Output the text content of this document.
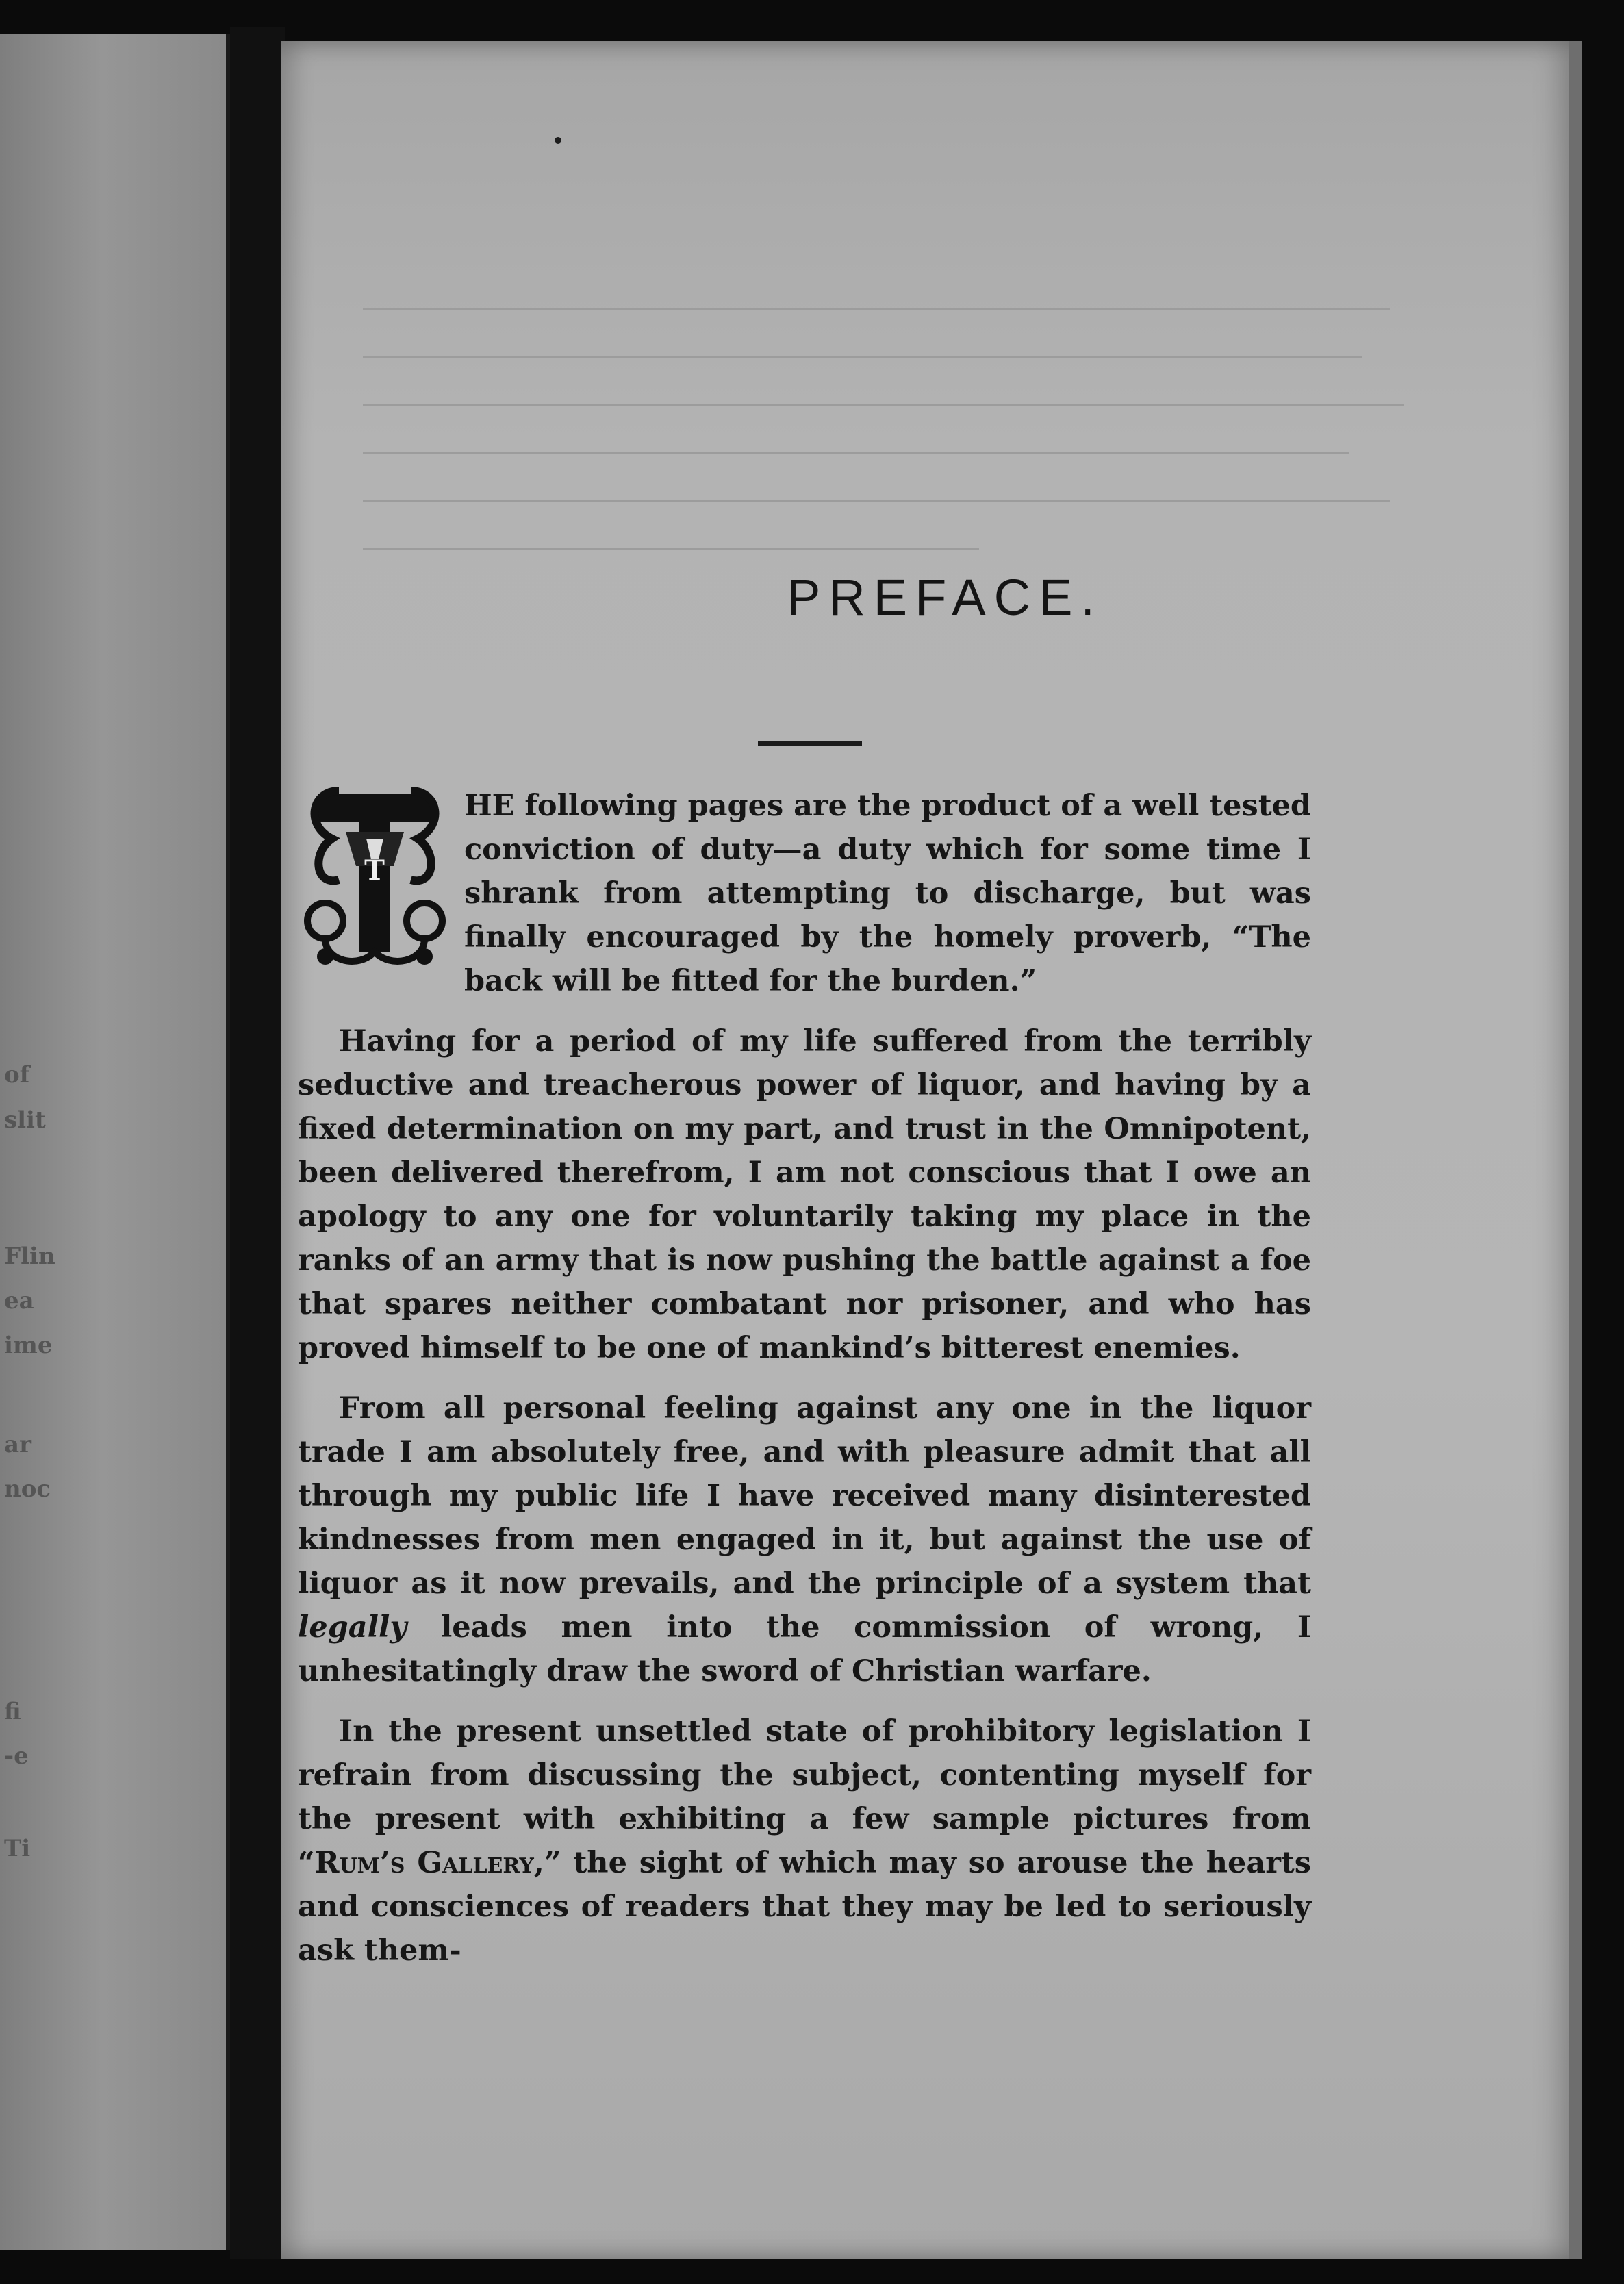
of
slit
Flin
ea
ime
ar
noc
fi
-e
Ti
PREFACE.

T
HE following pages are the product of a well tested conviction of duty—a duty which for some time I shrank from attempting to discharge, but was finally encouraged by the homely proverb, “The back will be fitted for the burden.”

Having for a period of my life suffered from the terribly seductive and treacherous power of liquor, and having by a fixed determination on my part, and trust in the Omnipotent, been delivered therefrom, I am not conscious that I owe an apology to any one for voluntarily taking my place in the ranks of an army that is now pushing the battle against a foe that spares neither combatant nor prisoner, and who has proved himself to be one of mankind’s bitterest enemies.

From all personal feeling against any one in the liquor trade I am absolutely free, and with pleasure admit that all through my public life I have received many disinterested kindnesses from men engaged in it, but against the use of liquor as it now prevails, and the principle of a system that legally leads men into the commission of wrong, I unhesitatingly draw the sword of Christian warfare.

In the present unsettled state of prohibitory legislation I refrain from discussing the subject, contenting myself for the present with exhibiting a few sample pictures from “Rum’s Gallery,” the sight of which may so arouse the hearts and consciences of readers that they may be led to seriously ask them-
